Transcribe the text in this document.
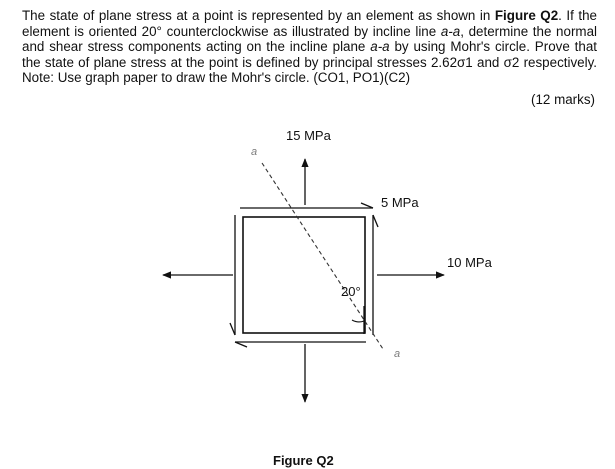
The state of plane stress at a point is represented by an element as shown in Figure Q2. If the element is oriented 20° counterclockwise as illustrated by incline line a-a, determine the normal and shear stress components acting on the incline plane a-a by using Mohr's circle. Prove that the state of plane stress at the point is defined by principal stresses 2.62σ1 and σ2 respectively. Note: Use graph paper to draw the Mohr's circle. (CO1, PO1)(C2)

(12 marks)
15 MPa
5 MPa
10 MPa
20°
a
a
Figure Q2
